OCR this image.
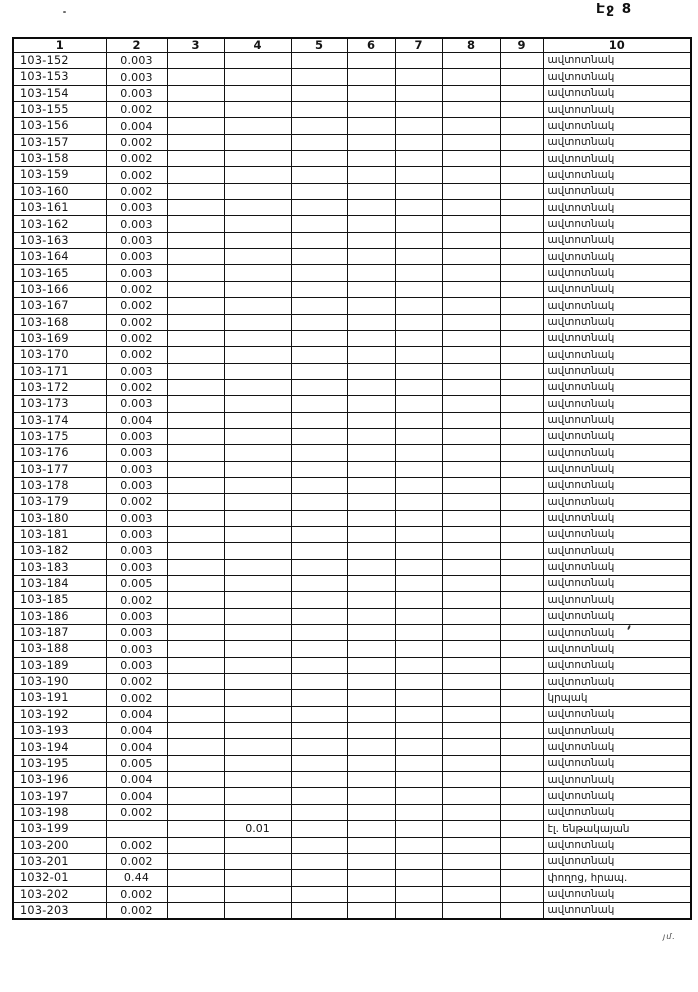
Էջ 8
1	2	3	4	5	6	7	8	9	10
103-152	0.003								ավտոտնակ
103-153	0.003								ավտոտնակ
103-154	0.003								ավտոտնակ
103-155	0.002								ավտոտնակ
103-156	0.004								ավտոտնակ
103-157	0.002								ավտոտնակ
103-158	0.002								ավտոտնակ
103-159	0.002								ավտոտնակ
103-160	0.002								ավտոտնակ
103-161	0.003								ավտոտնակ
103-162	0.003								ավտոտնակ
103-163	0.003								ավտոտնակ
103-164	0.003								ավտոտնակ
103-165	0.003								ավտոտնակ
103-166	0.002								ավտոտնակ
103-167	0.002								ավտոտնակ
103-168	0.002								ավտոտնակ
103-169	0.002								ավտոտնակ
103-170	0.002								ավտոտնակ
103-171	0.003								ավտոտնակ
103-172	0.002								ավտոտնակ
103-173	0.003								ավտոտնակ
103-174	0.004								ավտոտնակ
103-175	0.003								ավտոտնակ
103-176	0.003								ավտոտնակ
103-177	0.003								ավտոտնակ
103-178	0.003								ավտոտնակ
103-179	0.002								ավտոտնակ
103-180	0.003								ավտոտնակ
103-181	0.003								ավտոտնակ
103-182	0.003								ավտոտնակ
103-183	0.003								ավտոտնակ
103-184	0.005								ավտոտնակ
103-185	0.002								ավտոտնակ
103-186	0.003								ավտոտնակ
103-187	0.003								ավտոտնակ
103-188	0.003								ավտոտնակ
103-189	0.003								ավտոտնակ
103-190	0.002								ավտոտնակ
103-191	0.002								կրպակ
103-192	0.004								ավտոտնակ
103-193	0.004								ավտոտնակ
103-194	0.004								ավտոտնակ
103-195	0.005								ավտոտնակ
103-196	0.004								ավտոտնակ
103-197	0.004								ավտոտնակ
103-198	0.002								ավտոտնակ
103-199			0.01						էլ. ենթակայան
103-200	0.002								ավտոտնակ
103-201	0.002								ավտոտնակ
1032-01	0.44								փողոց, հրապ.
103-202	0.002								ավտոտնակ
103-203	0.002								ավտոտնակ
յմ.
